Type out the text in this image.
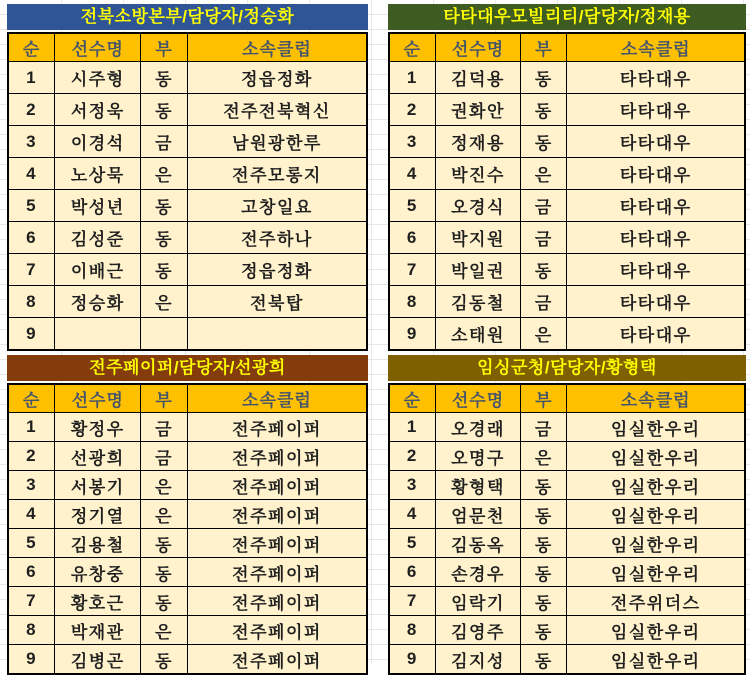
전북소방본부/담당자/정승화
순	선수명	부	소속클럽
1	시주형	동	정읍정화
2	서정욱	동	전주전북혁신
3	이경석	금	남원광한루
4	노상묵	은	전주모롱지
5	박성년	동	고창일요
6	김성준	동	전주하나
7	이배근	동	정읍정화
8	정승화	은	전북탑
9			
타타대우모빌리티/담당자/정재용
순	선수명	부	소속클럽
1	김덕용	동	타타대우
2	권화안	동	타타대우
3	정재용	동	타타대우
4	박진수	은	타타대우
5	오경식	금	타타대우
6	박지원	금	타타대우
7	박일권	동	타타대우
8	김동철	금	타타대우
9	소태원	은	타타대우
전주페이퍼/담당자/선광희
순	선수명	부	소속클럽
1	황정우	금	전주페이퍼
2	선광희	금	전주페이퍼
3	서봉기	은	전주페이퍼
4	정기열	은	전주페이퍼
5	김용철	동	전주페이퍼
6	유창중	동	전주페이퍼
7	황호근	동	전주페이퍼
8	박재관	은	전주페이퍼
9	김병곤	동	전주페이퍼
임싱군청/담당자/황형택
순	선수명	부	소속클럽
1	오경래	금	임실한우리
2	오명구	은	임실한우리
3	황형택	동	임실한우리
4	엄문천	동	임실한우리
5	김동옥	동	임실한우리
6	손경우	동	임실한우리
7	임락기	동	전주위더스
8	김영주	동	임실한우리
9	김지성	동	임실한우리
